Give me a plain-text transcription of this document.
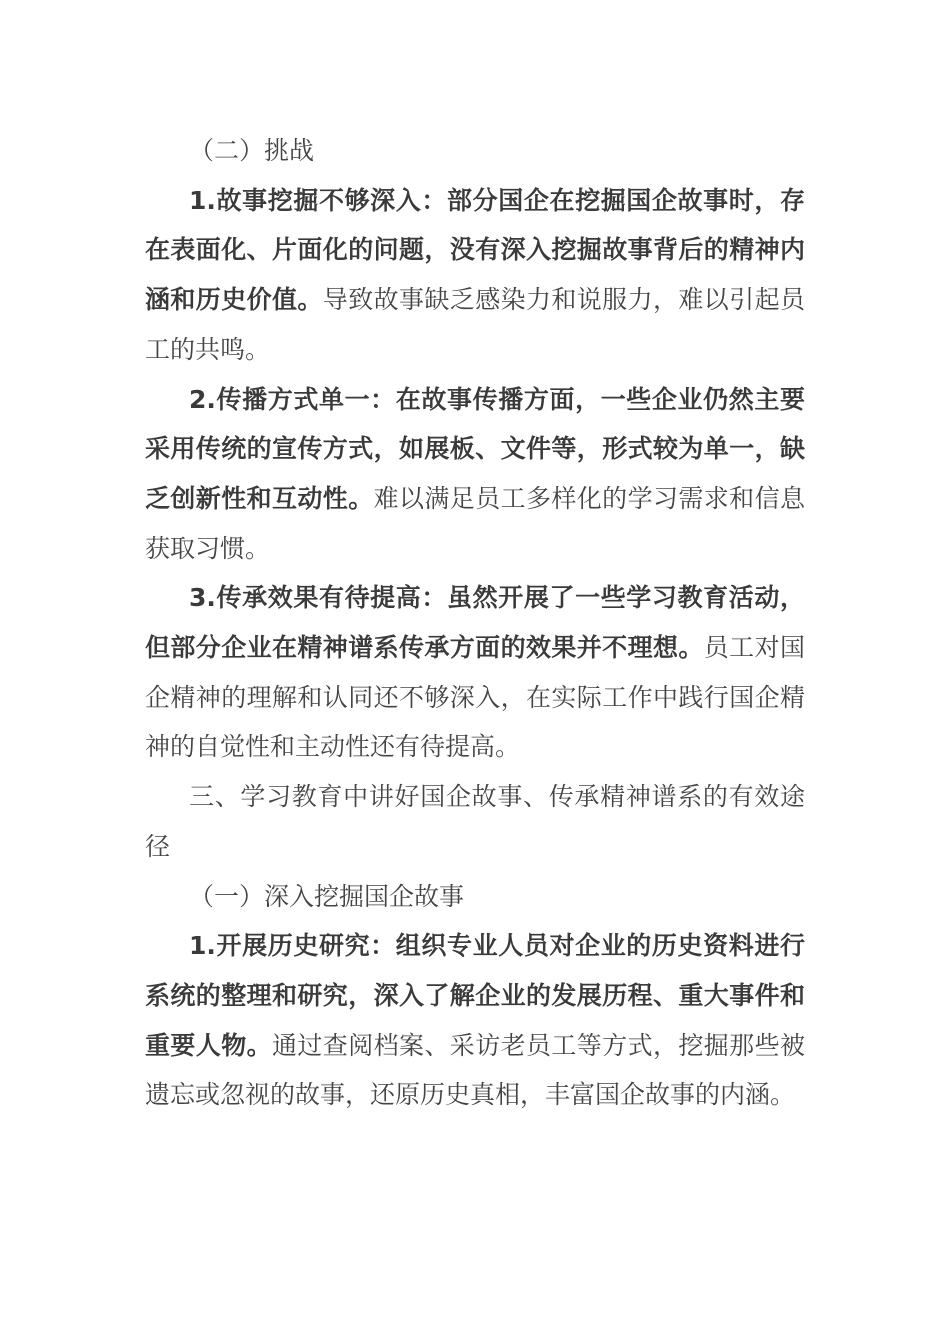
（二）挑战

1.故事挖掘不够深入：部分国企在挖掘国企故事时，存在表面化、片面化的问题，没有深入挖掘故事背后的精神内涵和历史价值。导致故事缺乏感染力和说服力，难以引起员工的共鸣。

2.传播方式单一：在故事传播方面，一些企业仍然主要采用传统的宣传方式，如展板、文件等，形式较为单一，缺乏创新性和互动性。难以满足员工多样化的学习需求和信息获取习惯。

3.传承效果有待提高：虽然开展了一些学习教育活动，但部分企业在精神谱系传承方面的效果并不理想。员工对国企精神的理解和认同还不够深入，在实际工作中践行国企精神的自觉性和主动性还有待提高。

三、学习教育中讲好国企故事、传承精神谱系的有效途径

（一）深入挖掘国企故事

1.开展历史研究：组织专业人员对企业的历史资料进行系统的整理和研究，深入了解企业的发展历程、重大事件和重要人物。通过查阅档案、采访老员工等方式，挖掘那些被遗忘或忽视的故事，还原历史真相，丰富国企故事的内涵。
